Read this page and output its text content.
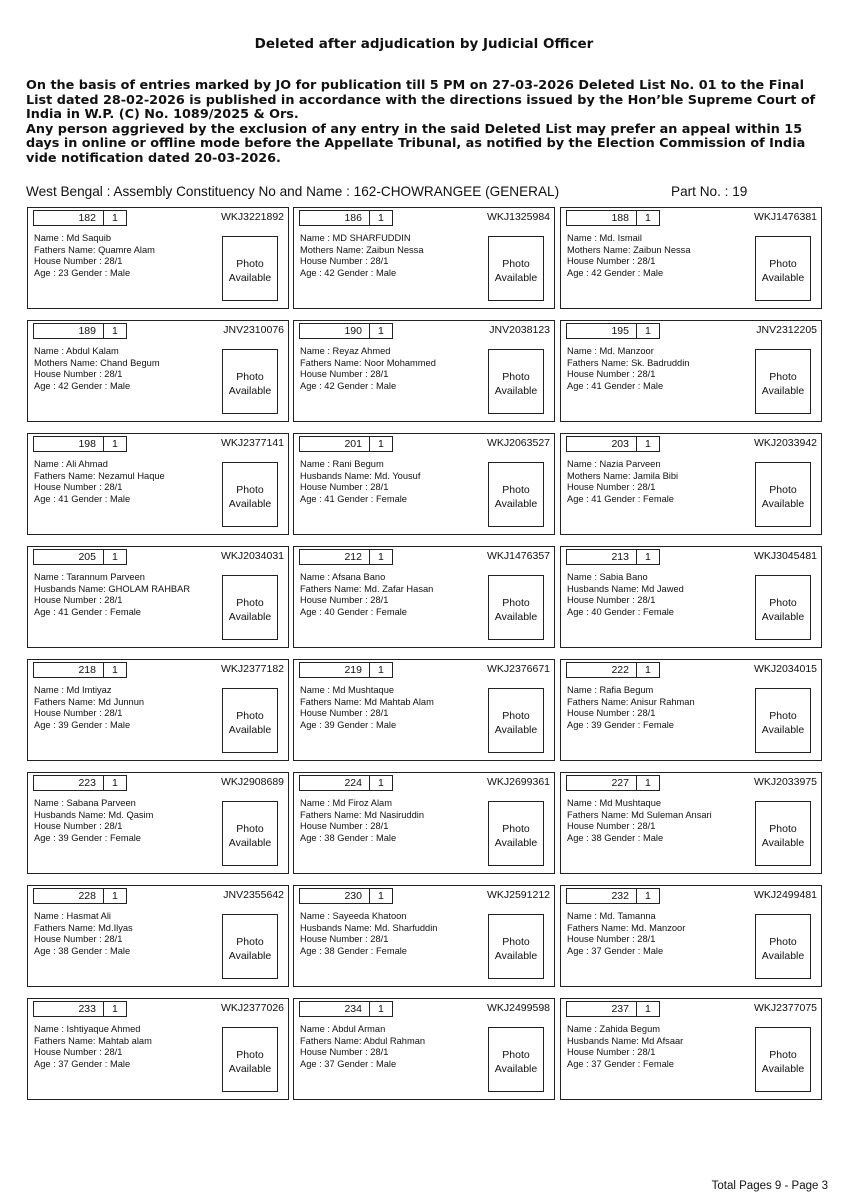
Deleted after adjudication by Judicial Officer

On the basis of entries marked by JO for publication till 5 PM on 27-03-2026 Deleted List No. 01 to the Final List dated 28-02-2026 is published in accordance with the directions issued by the Hon’ble Supreme Court of India in W.P. (C) No. 1089/2025 & Ors.

Any person aggrieved by the exclusion of any entry in the said Deleted List may prefer an appeal within 15 days in online or offline mode before the Appellate Tribunal, as notified by the Election Commission of India vide notification dated 20-03-2026.

West Bengal : Assembly Constituency No and Name : 162-CHOWRANGEE (GENERAL)	Part No. : 19
182 1	WKJ3221892
Name : Md Saquib
Fathers Name: Quamre Alam
House Number : 28/1
Age : 23 Gender : Male
Photo
Available
186 1	WKJ1325984
Name : MD SHARFUDDIN
Mothers Name: Zaibun Nessa
House Number : 28/1
Age : 42 Gender : Male
Photo
Available
188 1	WKJ1476381
Name : Md. Ismail
Mothers Name: Zaibun Nessa
House Number : 28/1
Age : 42 Gender : Male
Photo
Available
189 1	JNV2310076
Name : Abdul Kalam
Mothers Name: Chand Begum
House Number : 28/1
Age : 42 Gender : Male
Photo
Available
190 1	JNV2038123
Name : Reyaz Ahmed
Fathers Name: Noor Mohammed
House Number : 28/1
Age : 42 Gender : Male
Photo
Available
195 1	JNV2312205
Name : Md. Manzoor
Fathers Name: Sk. Badruddin
House Number : 28/1
Age : 41 Gender : Male
Photo
Available
198 1	WKJ2377141
Name : Ali Ahmad
Fathers Name: Nezamul Haque
House Number : 28/1
Age : 41 Gender : Male
Photo
Available
201 1	WKJ2063527
Name : Rani Begum
Husbands Name: Md. Yousuf
House Number : 28/1
Age : 41 Gender : Female
Photo
Available
203 1	WKJ2033942
Name : Nazia Parveen
Mothers Name: Jamila Bibi
House Number : 28/1
Age : 41 Gender : Female
Photo
Available
205 1	WKJ2034031
Name : Tarannum Parveen
Husbands Name: GHOLAM RAHBAR
House Number : 28/1
Age : 41 Gender : Female
Photo
Available
212 1	WKJ1476357
Name : Afsana Bano
Fathers Name: Md. Zafar Hasan
House Number : 28/1
Age : 40 Gender : Female
Photo
Available
213 1	WKJ3045481
Name : Sabia Bano
Husbands Name: Md Jawed
House Number : 28/1
Age : 40 Gender : Female
Photo
Available
218 1	WKJ2377182
Name : Md Imtiyaz
Fathers Name: Md Junnun
House Number : 28/1
Age : 39 Gender : Male
Photo
Available
219 1	WKJ2376671
Name : Md Mushtaque
Fathers Name: Md Mahtab Alam
House Number : 28/1
Age : 39 Gender : Male
Photo
Available
222 1	WKJ2034015
Name : Rafia Begum
Fathers Name: Anisur Rahman
House Number : 28/1
Age : 39 Gender : Female
Photo
Available
223 1	WKJ2908689
Name : Sabana Parveen
Husbands Name: Md. Qasim
House Number : 28/1
Age : 39 Gender : Female
Photo
Available
224 1	WKJ2699361
Name : Md Firoz Alam
Fathers Name: Md Nasiruddin
House Number : 28/1
Age : 38 Gender : Male
Photo
Available
227 1	WKJ2033975
Name : Md Mushtaque
Fathers Name: Md Suleman Ansari
House Number : 28/1
Age : 38 Gender : Male
Photo
Available
228 1	JNV2355642
Name : Hasmat Ali
Fathers Name: Md.Ilyas
House Number : 28/1
Age : 38 Gender : Male
Photo
Available
230 1	WKJ2591212
Name : Sayeeda Khatoon
Husbands Name: Md. Sharfuddin
House Number : 28/1
Age : 38 Gender : Female
Photo
Available
232 1	WKJ2499481
Name : Md. Tamanna
Fathers Name: Md. Manzoor
House Number : 28/1
Age : 37 Gender : Male
Photo
Available
233 1	WKJ2377026
Name : Ishtiyaque Ahmed
Fathers Name: Mahtab alam
House Number : 28/1
Age : 37 Gender : Male
Photo
Available
234 1	WKJ2499598
Name : Abdul Arman
Fathers Name: Abdul Rahman
House Number : 28/1
Age : 37 Gender : Male
Photo
Available
237 1	WKJ2377075
Name : Zahida Begum
Husbands Name: Md Afsaar
House Number : 28/1
Age : 37 Gender : Female
Photo
Available
Total Pages 9 - Page 3
